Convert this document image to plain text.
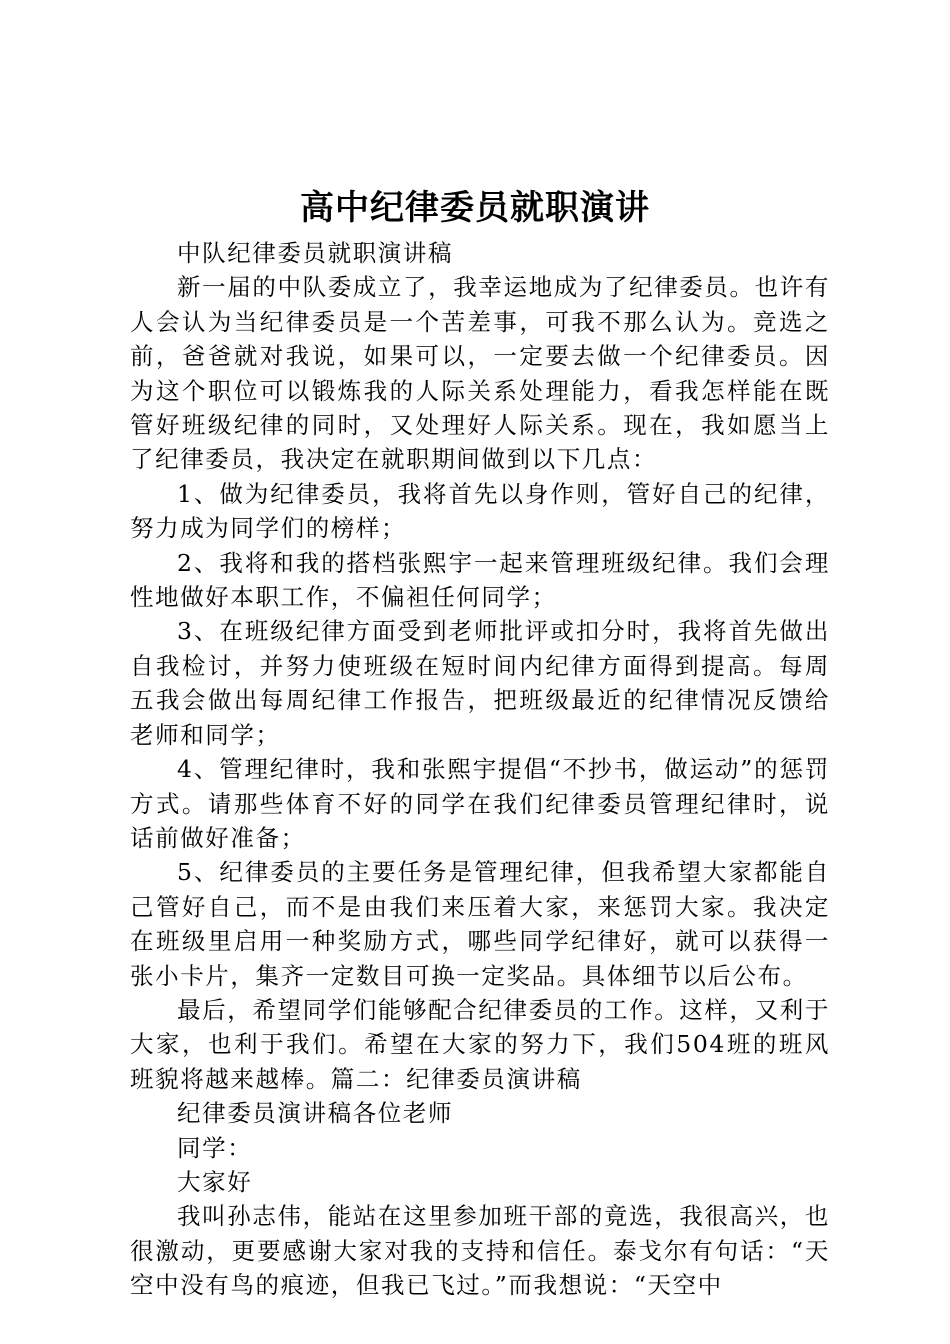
高中纪律委员就职演讲

中队纪律委员就职演讲稿

新一届的中队委成立了，我幸运地成为了纪律委员。也许有人会认为当纪律委员是一个苦差事，可我不那么认为。竞选之前，爸爸就对我说，如果可以，一定要去做一个纪律委员。因为这个职位可以锻炼我的人际关系处理能力，看我怎样能在既管好班级纪律的同时，又处理好人际关系。现在，我如愿当上了纪律委员，我决定在就职期间做到以下几点：

1、做为纪律委员，我将首先以身作则，管好自己的纪律，努力成为同学们的榜样；

2、我将和我的搭档张熙宇一起来管理班级纪律。我们会理性地做好本职工作，不偏袒任何同学；

3、在班级纪律方面受到老师批评或扣分时，我将首先做出自我检讨，并努力使班级在短时间内纪律方面得到提高。每周五我会做出每周纪律工作报告，把班级最近的纪律情况反馈给老师和同学；

4、管理纪律时，我和张熙宇提倡“不抄书，做运动”的惩罚方式。请那些体育不好的同学在我们纪律委员管理纪律时，说话前做好准备；

5、纪律委员的主要任务是管理纪律，但我希望大家都能自己管好自己，而不是由我们来压着大家，来惩罚大家。我决定在班级里启用一种奖励方式，哪些同学纪律好，就可以获得一张小卡片，集齐一定数目可换一定奖品。具体细节以后公布。

最后，希望同学们能够配合纪律委员的工作。这样，又利于大家，也利于我们。希望在大家的努力下，我们504班的班风班貌将越来越棒。篇二：纪律委员演讲稿

纪律委员演讲稿各位老师

同学：

大家好

我叫孙志伟，能站在这里参加班干部的竟选，我很高兴，也很激动，更要感谢大家对我的支持和信任。泰戈尔有句话：“天空中没有鸟的痕迹，但我已飞过。”而我想说：“天空中
